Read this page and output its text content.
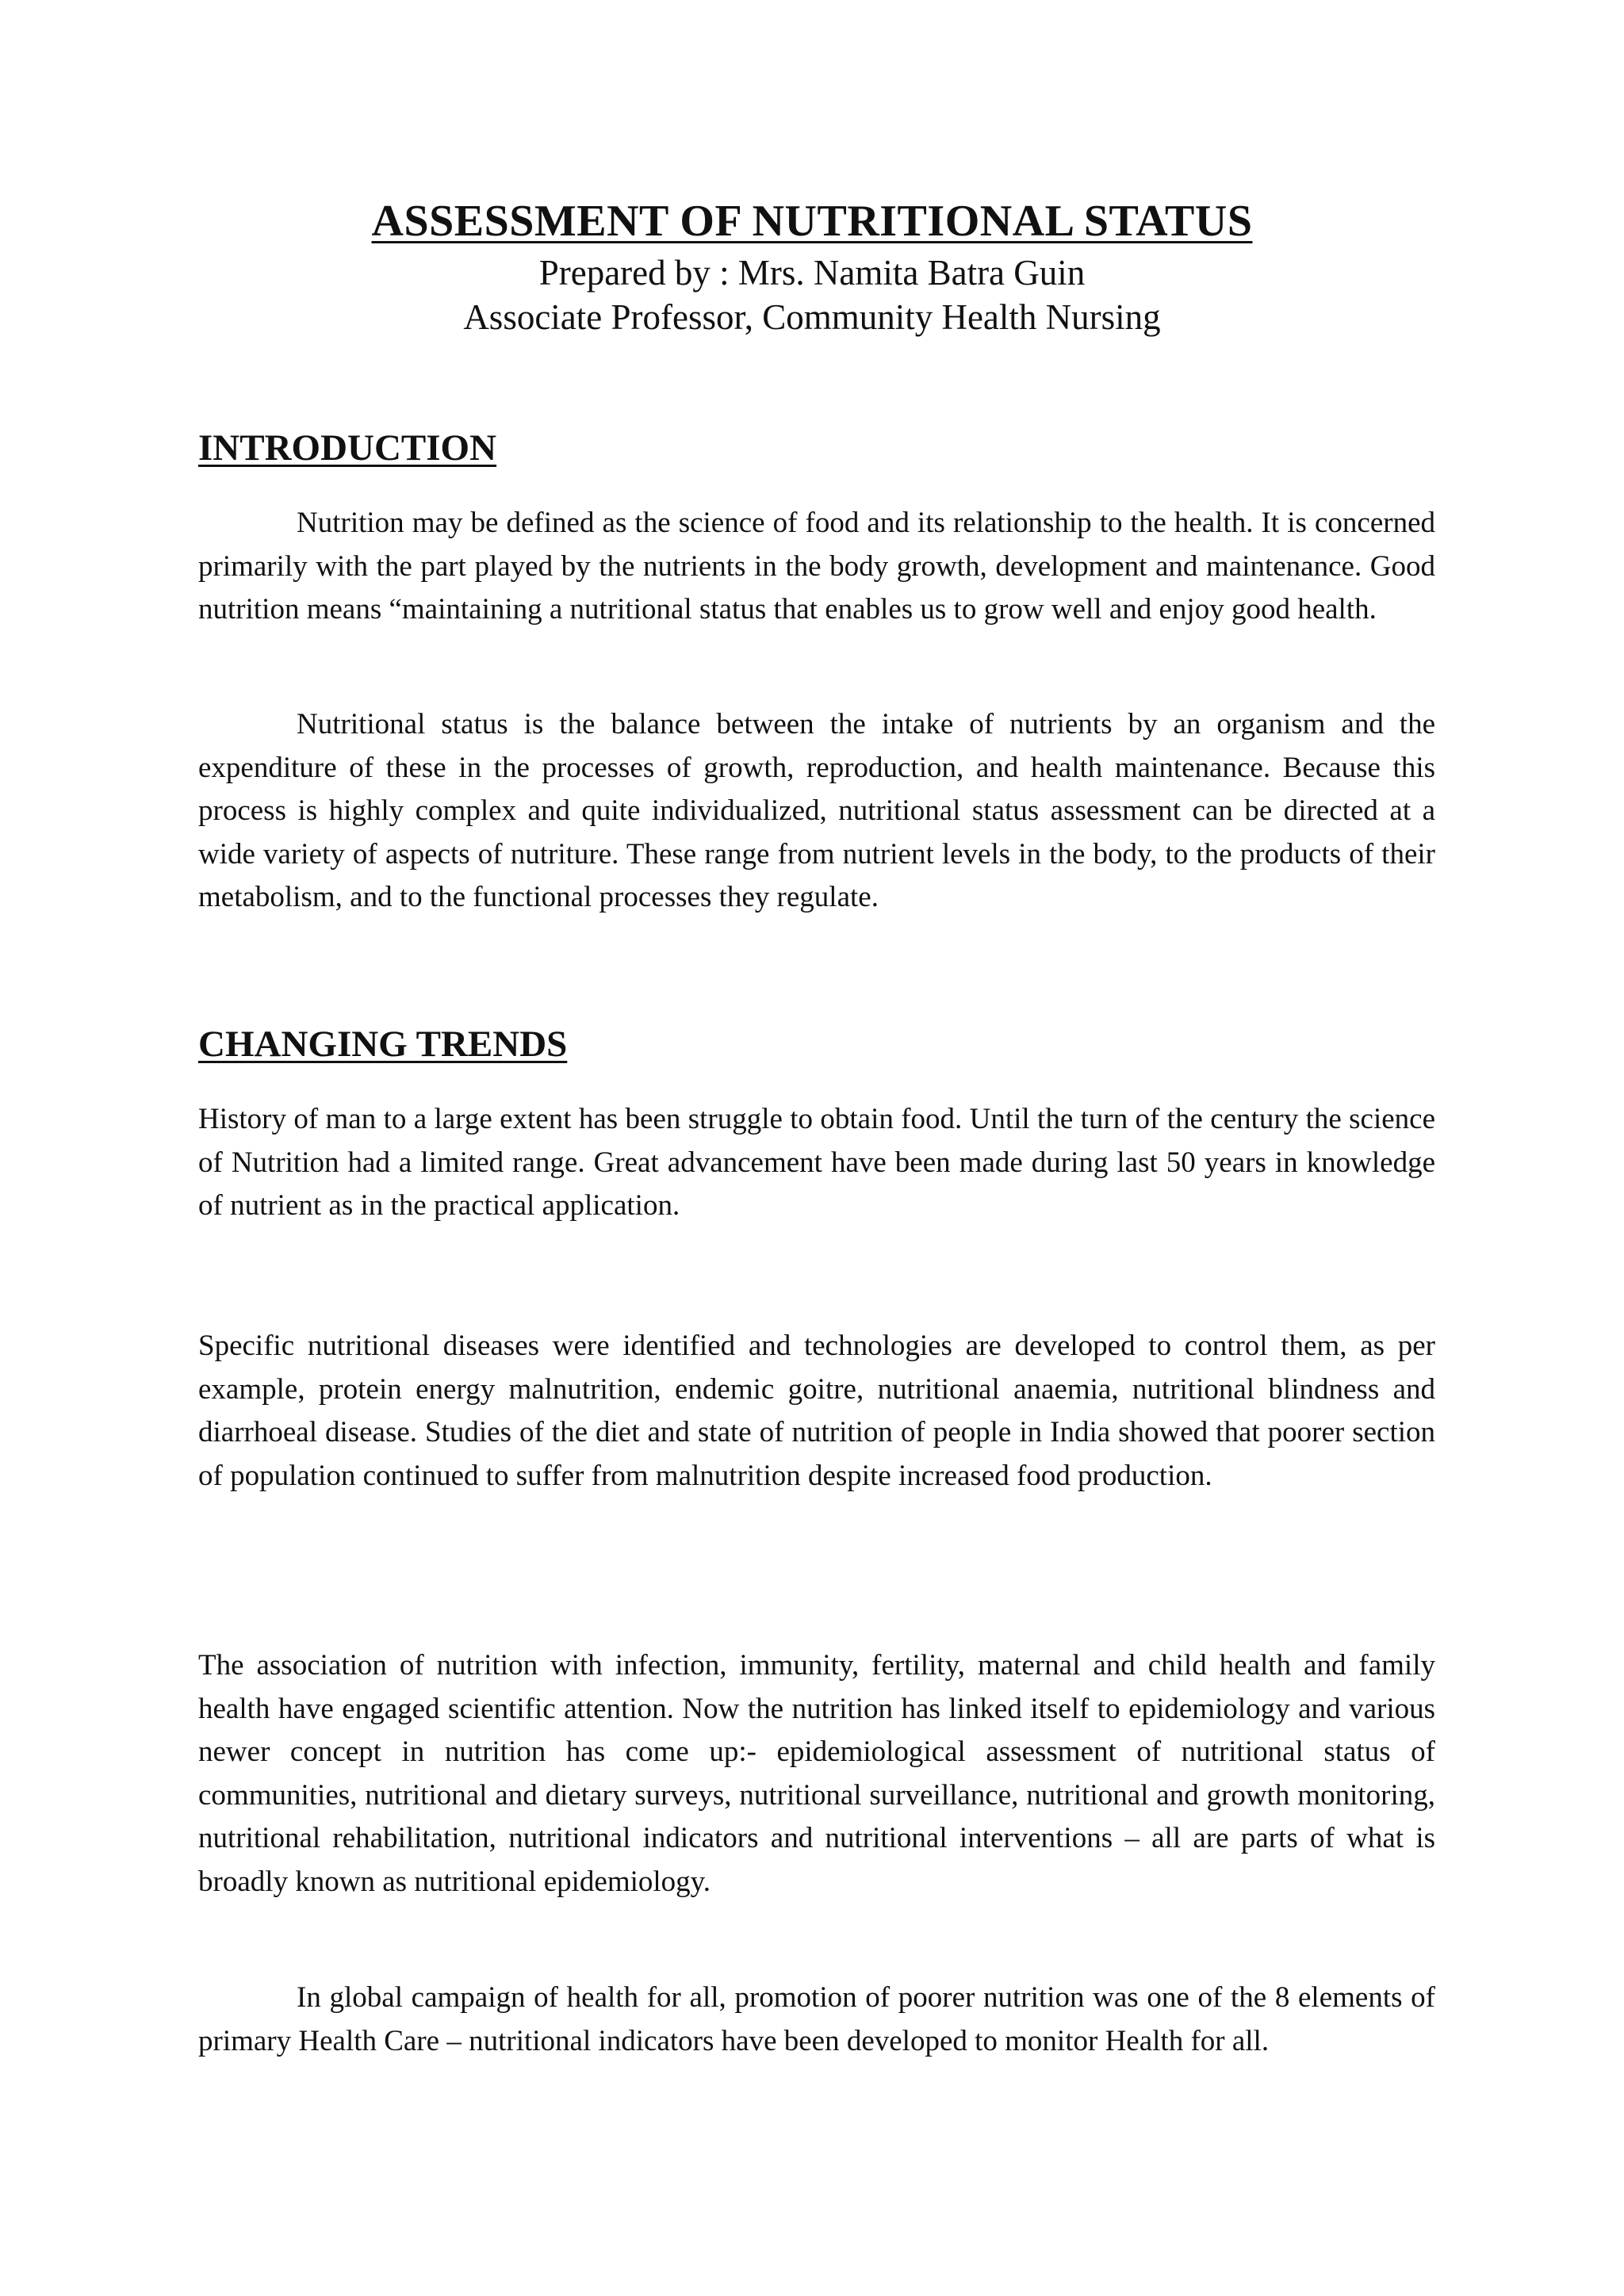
ASSESSMENT OF NUTRITIONAL STATUS
Prepared by : Mrs. Namita Batra Guin
Associate Professor, Community Health Nursing
INTRODUCTION
Nutrition may be defined as the science of food and its relationship to the health. It is concerned primarily with the part played by the nutrients in the body growth, development and maintenance. Good nutrition means “maintaining a nutritional status that enables us to grow well and enjoy good health.
Nutritional status is the balance between the intake of nutrients by an organism and the expenditure of these in the processes of growth, reproduction, and health maintenance. Because this process is highly complex and quite individualized, nutritional status assessment can be directed at a wide variety of aspects of nutriture. These range from nutrient levels in the body, to the products of their metabolism, and to the functional processes they regulate.
CHANGING TRENDS
History of man to a large extent has been struggle to obtain food. Until the turn of the century the science of Nutrition had a limited range. Great advancement have been made during last 50 years in knowledge of nutrient as in the practical application.
Specific nutritional diseases were identified and technologies are developed to control them, as per example, protein energy malnutrition, endemic goitre, nutritional anaemia, nutritional blindness and diarrhoeal disease. Studies of the diet and state of nutrition of people in India showed that poorer section of population continued to suffer from malnutrition despite increased food production.
The association of nutrition with infection, immunity, fertility, maternal and child health and family health have engaged scientific attention. Now the nutrition has linked itself to epidemiology and various newer concept in nutrition has come up:- epidemiological assessment of nutritional status of communities, nutritional and dietary surveys, nutritional surveillance, nutritional and growth monitoring, nutritional rehabilitation, nutritional indicators and nutritional interventions – all are parts of what is broadly known as nutritional epidemiology.
In global campaign of health for all, promotion of poorer nutrition was one of the 8 elements of primary Health Care – nutritional indicators have been developed to monitor Health for all.
